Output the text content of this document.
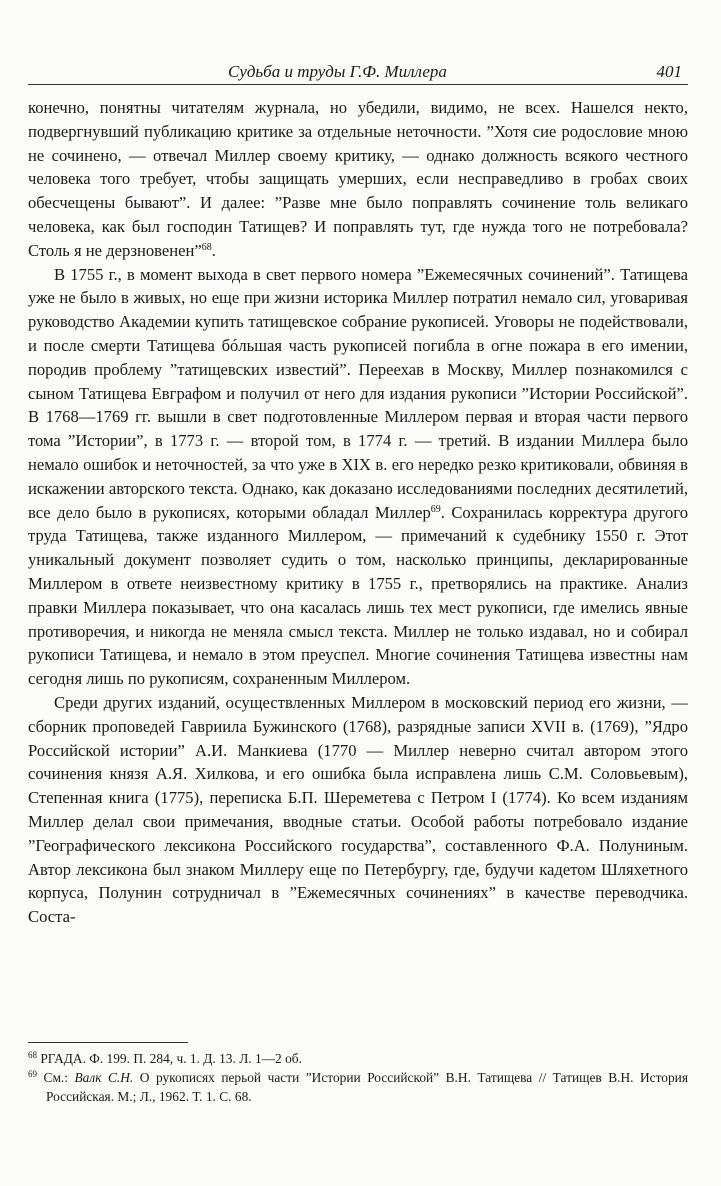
Судьба и труды Г.Ф. Миллера	401

конечно, понятны читателям журнала, но убедили, видимо, не всех. Нашелся некто, подвергнувший публикацию критике за отдельные неточности. ”Хотя сие родословие мною не сочинено, — отвечал Миллер своему критику, — однако должность всякого честного человека того требует, чтобы защищать умерших, если несправедливо в гробах своих обесчещены бывают”. И далее: ”Разве мне было поправлять сочинение толь великаго человека, как был господин Татищев? И поправлять тут, где нужда того не потребовала? Столь я не дерзновенен”$^{68}$.

В 1755 г., в момент выхода в свет первого номера ”Ежемесячных сочинений”. Татищева уже не было в живых, но еще при жизни историка Миллер потратил немало сил, уговаривая руководство Академии купить татищевское собрание рукописей. Уговоры не подействовали, и после смерти Татищева бóльшая часть рукописей погибла в огне пожара в его имении, породив проблему ”татищевских известий”. Переехав в Москву, Миллер познакомился с сыном Татищева Евграфом и получил от него для издания рукописи ”Истории Российской”. В 1768—1769 гг. вышли в свет подготовленные Миллером первая и вторая части первого тома ”Истории”, в 1773 г. — второй том, в 1774 г. — третий. В издании Миллера было немало ошибок и неточностей, за что уже в XIX в. его нередко резко критиковали, обвиняя в искажении авторского текста. Однако, как доказано исследованиями последних десятилетий, все дело было в рукописях, которыми обладал Миллер$^{69}$. Сохранилась корректура другого труда Татищева, также изданного Миллером, — примечаний к судебнику 1550 г. Этот уникальный документ позволяет судить о том, насколько принципы, декларированные Миллером в ответе неизвестному критику в 1755 г., претворялись на практике. Анализ правки Миллера показывает, что она касалась лишь тех мест рукописи, где имелись явные противоречия, и никогда не меняла смысл текста. Миллер не только издавал, но и собирал рукописи Татищева, и немало в этом преуспел. Многие сочинения Татищева известны нам сегодня лишь по рукописям, сохраненным Миллером.

Среди других изданий, осуществленных Миллером в московский период его жизни, — сборник проповедей Гавриила Бужинского (1768), разрядные записи XVII в. (1769), ”Ядро Российской истории” А.И. Манкиева (1770 — Миллер неверно считал автором этого сочинения князя А.Я. Хилкова, и его ошибка была исправлена лишь С.М. Соловьевым), Степенная книга (1775), переписка Б.П. Шереметева с Петром I (1774). Ко всем изданиям Миллер делал свои примечания, вводные статьи. Особой работы потребовало издание ”Географического лексикона Российского государства”, составленного Ф.А. Полуниным. Автор лексикона был знаком Миллеру еще по Петербургу, где, будучи кадетом Шляхетного корпуса, Полунин сотрудничал в ”Ежемесячных сочинениях” в качестве переводчика. Соста-

$^{68}$ РГАДА. Ф. 199. П. 284, ч. 1. Д. 13. Л. 1—2 об.

$^{69}$ См.: Валк С.Н. О рукописях перьой части ”Истории Российской” В.Н. Татищева // Татищев В.Н. История Российская. М.; Л., 1962. Т. 1. С. 68.
